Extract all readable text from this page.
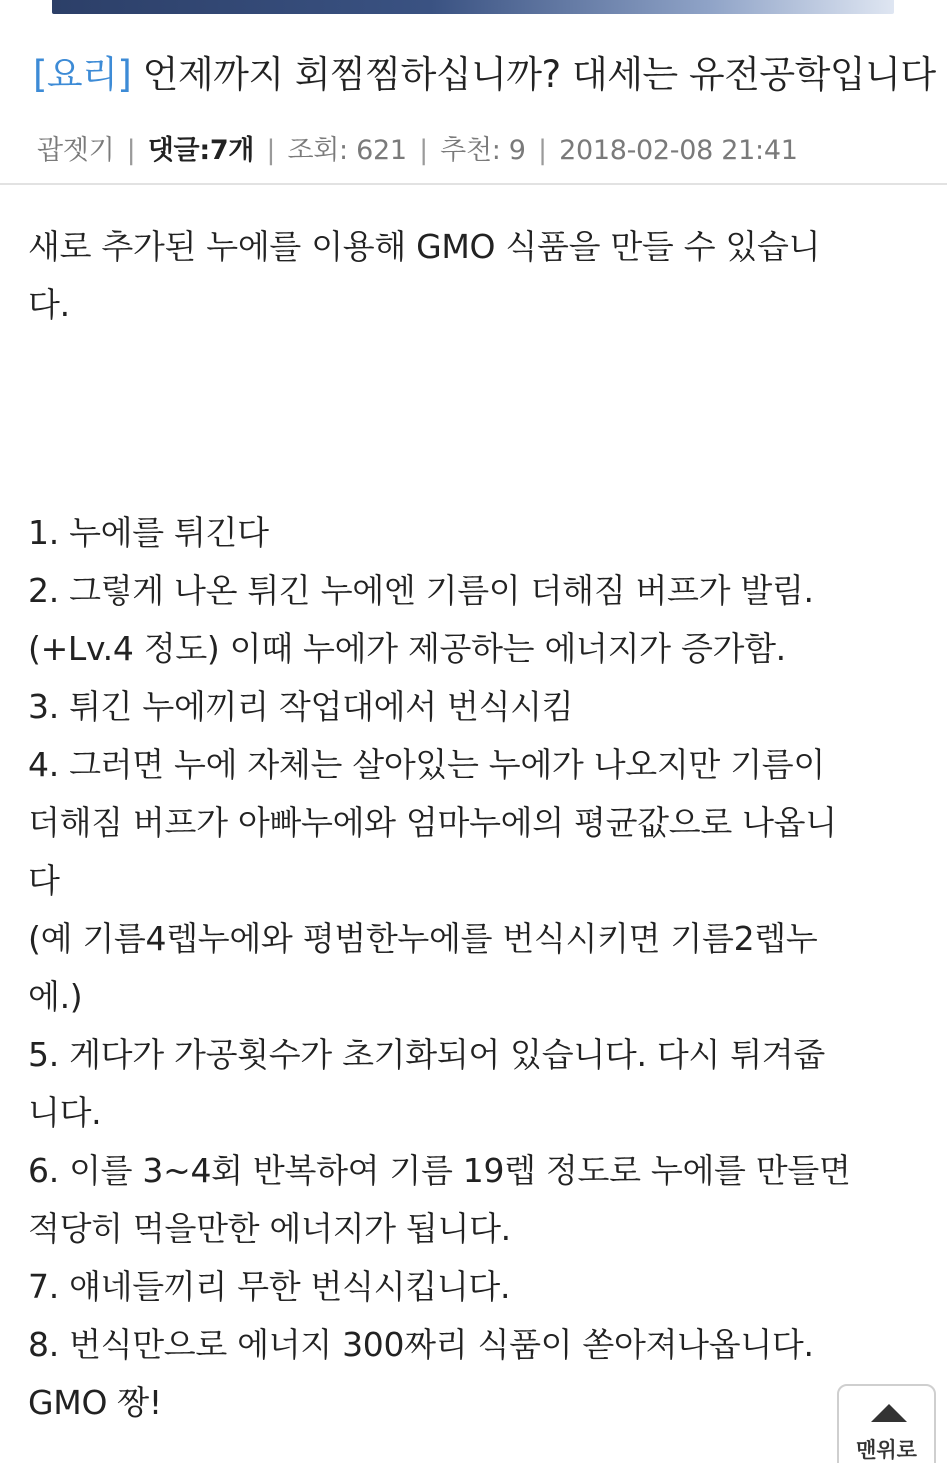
[요리] 언제까지 회찜찜하십니까? 대세는 유전공학입니다
괍젯기 | 댓글:7개 | 조회: 621 | 추천: 9 | 2018-02-08 21:41
새로 추가된 누에를 이용해 GMO 식품을 만들 수 있습니
다.
1. 누에를 튀긴다
2. 그렇게 나온 튀긴 누에엔 기름이 더해짐 버프가 발림.
(+Lv.4 정도) 이때 누에가 제공하는 에너지가 증가함.
3. 튀긴 누에끼리 작업대에서 번식시킴
4. 그러면 누에 자체는 살아있는 누에가 나오지만 기름이
더해짐 버프가 아빠누에와 엄마누에의 평균값으로 나옵니
다
(예 기름4렙누에와 평범한누에를 번식시키면 기름2렙누
에.)
5. 게다가 가공횟수가 초기화되어 있습니다. 다시 튀겨줍
니다.
6. 이를 3~4회 반복하여 기름 19렙 정도로 누에를 만들면
적당히 먹을만한 에너지가 됩니다.
7. 얘네들끼리 무한 번식시킵니다.
8. 번식만으로 에너지 300짜리 식품이 쏟아져나옵니다.
GMO 짱!
맨위로
